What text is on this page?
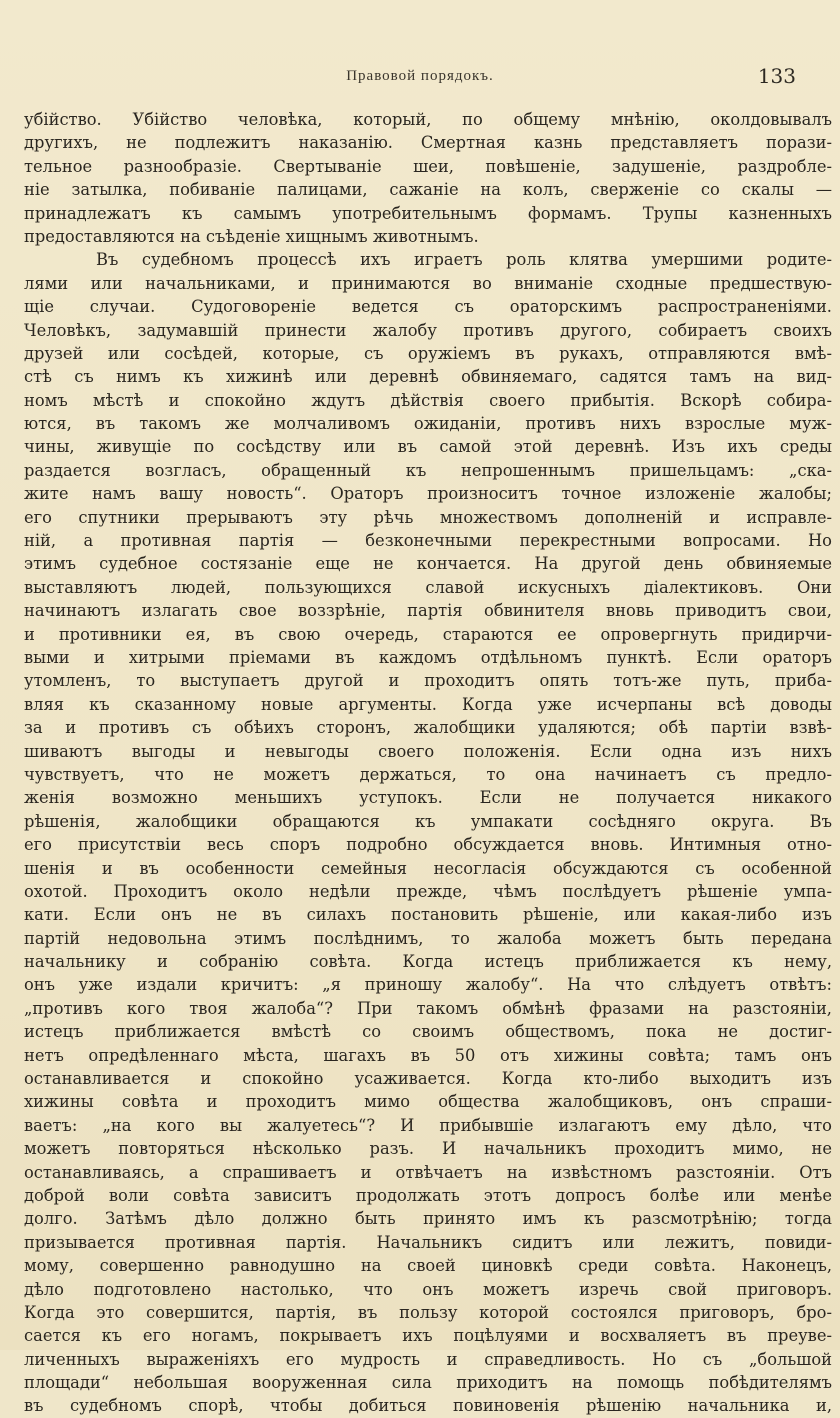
Правовой порядокъ.	133
убійство. Убійство человѣка, который, по общему мнѣнію, околдовывалъ
другихъ, не подлежитъ наказанію. Смертная казнь представляетъ порази-
тельное разнообразіе. Свертываніе шеи, повѣшеніе, задушеніе, раздробле-
ніе затылка, побиваніе палицами, сажаніе на колъ, сверженіе со скалы —
принадлежатъ къ самымъ употребительнымъ формамъ. Трупы казненныхъ
предоставляются на съѣденіе хищнымъ животнымъ.
Въ судебномъ процессѣ ихъ играетъ роль клятва умершими родите-
лями или начальниками, и принимаются во вниманіе сходные предшествую-
щіе случаи. Судоговореніе ведется съ ораторскимъ распространеніями.
Человѣкъ, задумавшій принести жалобу противъ другого, собираетъ своихъ
друзей или сосѣдей, которые, съ оружіемъ въ рукахъ, отправляются вмѣ-
стѣ съ нимъ къ хижинѣ или деревнѣ обвиняемаго, садятся тамъ на вид-
номъ мѣстѣ и спокойно ждутъ дѣйствія своего прибытія. Вскорѣ собира-
ются, въ такомъ же молчаливомъ ожиданіи, противъ нихъ взрослые муж-
чины, живущіе по сосѣдству или въ самой этой деревнѣ. Изъ ихъ среды
раздается возгласъ, обращенный къ непрошеннымъ пришельцамъ: „ска-
жите намъ вашу новость“. Ораторъ произноситъ точное изложеніе жалобы;
его спутники прерываютъ эту рѣчь множествомъ дополненій и исправле-
ній, а противная партія — безконечными перекрестными вопросами. Но
этимъ судебное состязаніе еще не кончается. На другой день обвиняемые
выставляютъ людей, пользующихся славой искусныхъ діалектиковъ. Они
начинаютъ излагать свое воззрѣніе, партія обвинителя вновь приводитъ свои,
и противники ея, въ свою очередь, стараются ее опровергнуть придирчи-
выми и хитрыми пріемами въ каждомъ отдѣльномъ пунктѣ. Если ораторъ
утомленъ, то выступаетъ другой и проходитъ опять тотъ-же путь, приба-
вляя къ сказанному новые аргументы. Когда уже исчерпаны всѣ доводы
за и противъ съ обѣихъ сторонъ, жалобщики удаляются; обѣ партіи взвѣ-
шиваютъ выгоды и невыгоды своего положенія. Если одна изъ нихъ
чувствуетъ, что не можетъ держаться, то она начинаетъ съ предло-
женія возможно меньшихъ уступокъ. Если не получается никакого
рѣшенія, жалобщики обращаются къ умпакати сосѣдняго округа. Въ
его присутствіи весь споръ подробно обсуждается вновь. Интимныя отно-
шенія и въ особенности семейныя несогласія обсуждаются съ особенной
охотой. Проходитъ около недѣли прежде, чѣмъ послѣдуетъ рѣшеніе умпа-
кати. Если онъ не въ силахъ постановить рѣшеніе, или какая-либо изъ
партій недовольна этимъ послѣднимъ, то жалоба можетъ быть передана
начальнику и собранію совѣта. Когда истецъ приближается къ нему,
онъ уже издали кричитъ: „я приношу жалобу“. На что слѣдуетъ отвѣтъ:
„противъ кого твоя жалоба“? При такомъ обмѣнѣ фразами на разстояніи,
истецъ приближается вмѣстѣ со своимъ обществомъ, пока не достиг-
нетъ опредѣленнаго мѣста, шагахъ въ 50 отъ хижины совѣта; тамъ онъ
останавливается и спокойно усаживается. Когда кто-либо выходитъ изъ
хижины совѣта и проходитъ мимо общества жалобщиковъ, онъ спраши-
ваетъ: „на кого вы жалуетесь“? И прибывшіе излагаютъ ему дѣло, что
можетъ повторяться нѣсколько разъ. И начальникъ проходитъ мимо, не
останавливаясь, а спрашиваетъ и отвѣчаетъ на извѣстномъ разстояніи. Отъ
доброй воли совѣта зависитъ продолжать этотъ допросъ болѣе или менѣе
долго. Затѣмъ дѣло должно быть принято имъ къ разсмотрѣнію; тогда
призывается противная партія. Начальникъ сидитъ или лежитъ, повиди-
мому, совершенно равнодушно на своей циновкѣ среди совѣта. Наконецъ,
дѣло подготовлено настолько, что онъ можетъ изречь свой приговоръ.
Когда это совершится, партія, въ пользу которой состоялся приговоръ, бро-
сается къ его ногамъ, покрываетъ ихъ поцѣлуями и восхваляетъ въ преуве-
личенныхъ выраженіяхъ его мудрость и справедливость. Но съ „большой
площади“ небольшая вооруженная сила приходитъ на помощь побѣдителямъ
въ судебномъ спорѣ, чтобы добиться повиновенія рѣшенію начальника и,
